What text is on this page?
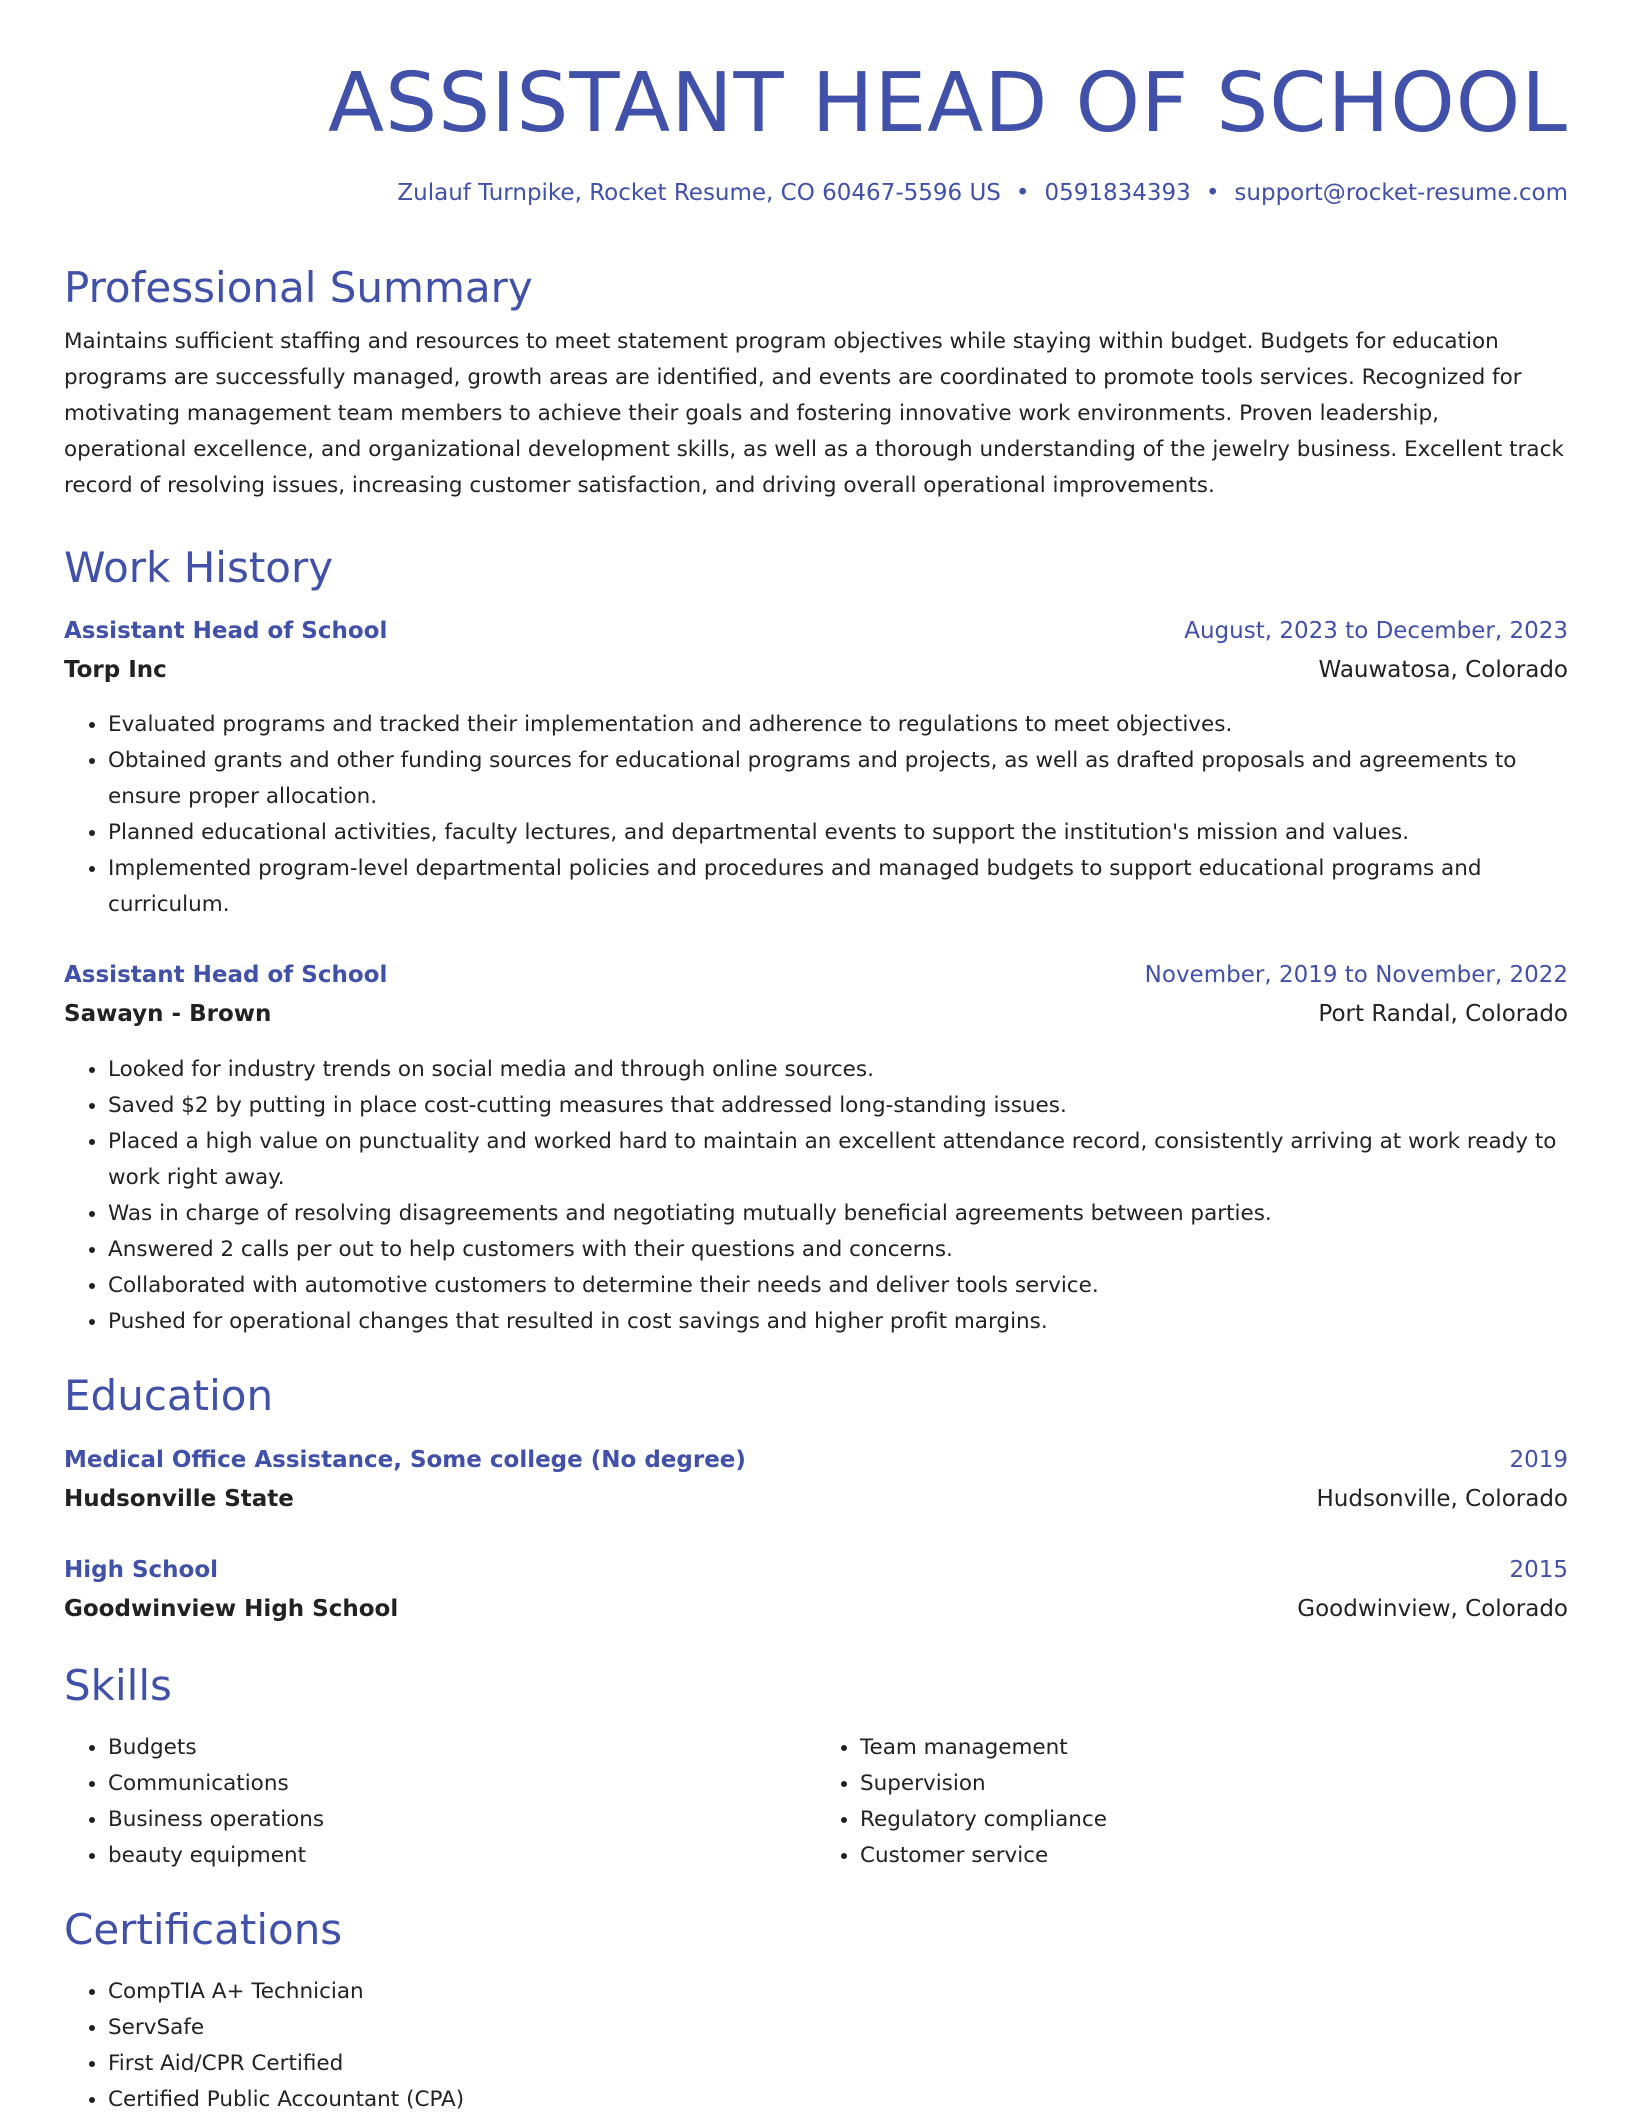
ASSISTANT HEAD OF SCHOOL
Zulauf Turnpike, Rocket Resume, CO 60467-5596 US • 0591834393 • support@rocket-resume.com
Professional Summary
Maintains sufficient staffing and resources to meet statement program objectives while staying within budget. Budgets for education programs are successfully managed, growth areas are identified, and events are coordinated to promote tools services. Recognized for motivating management team members to achieve their goals and fostering innovative work environments. Proven leadership, operational excellence, and organizational development skills, as well as a thorough understanding of the jewelry business. Excellent track record of resolving issues, increasing customer satisfaction, and driving overall operational improvements.
Work History
Assistant Head of School	August, 2023 to December, 2023
Torp Inc	Wauwatosa, Colorado
• Evaluated programs and tracked their implementation and adherence to regulations to meet objectives.
• Obtained grants and other funding sources for educational programs and projects, as well as drafted proposals and agreements to ensure proper allocation.
• Planned educational activities, faculty lectures, and departmental events to support the institution's mission and values.
• Implemented program-level departmental policies and procedures and managed budgets to support educational programs and curriculum.
Assistant Head of School	November, 2019 to November, 2022
Sawayn - Brown	Port Randal, Colorado
• Looked for industry trends on social media and through online sources.
• Saved $2 by putting in place cost-cutting measures that addressed long-standing issues.
• Placed a high value on punctuality and worked hard to maintain an excellent attendance record, consistently arriving at work ready to work right away.
• Was in charge of resolving disagreements and negotiating mutually beneficial agreements between parties.
• Answered 2 calls per out to help customers with their questions and concerns.
• Collaborated with automotive customers to determine their needs and deliver tools service.
• Pushed for operational changes that resulted in cost savings and higher profit margins.
Education
Medical Office Assistance, Some college (No degree)	2019
Hudsonville State	Hudsonville, Colorado
High School	2015
Goodwinview High School	Goodwinview, Colorado
Skills
• Budgets
• Communications
• Business operations
• beauty equipment
• Team management
• Supervision
• Regulatory compliance
• Customer service
Certifications
• CompTIA A+ Technician
• ServSafe
• First Aid/CPR Certified
• Certified Public Accountant (CPA)
